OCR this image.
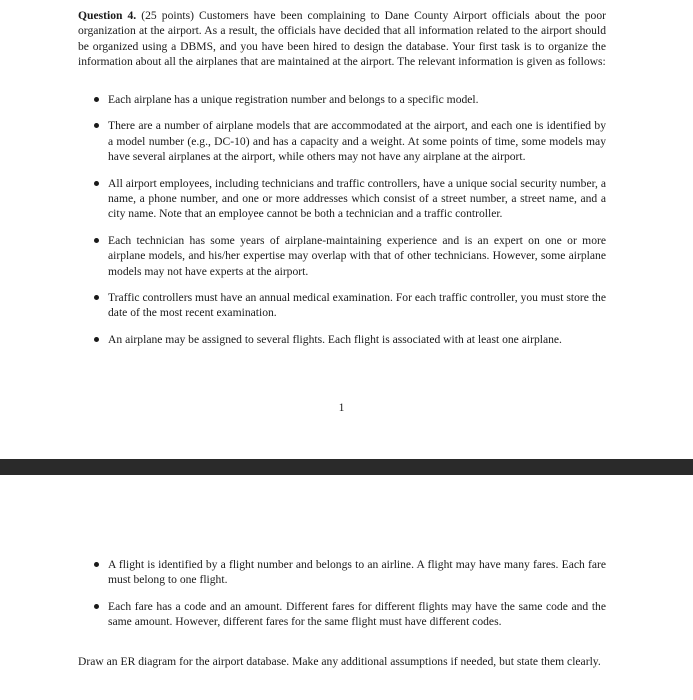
Question 4. (25 points) Customers have been complaining to Dane County Airport officials about the poor organization at the airport. As a result, the officials have decided that all information related to the airport should be organized using a DBMS, and you have been hired to design the database. Your first task is to organize the information about all the airplanes that are maintained at the airport. The relevant information is given as follows:

Each airplane has a unique registration number and belongs to a specific model.
There are a number of airplane models that are accommodated at the airport, and each one is identified by a model number (e.g., DC-10) and has a capacity and a weight. At some points of time, some models may have several airplanes at the airport, while others may not have any airplane at the airport.
All airport employees, including technicians and traffic controllers, have a unique social security number, a name, a phone number, and one or more addresses which consist of a street number, a street name, and a city name. Note that an employee cannot be both a technician and a traffic controller.
Each technician has some years of airplane-maintaining experience and is an expert on one or more airplane models, and his/her expertise may overlap with that of other technicians. However, some airplane models may not have experts at the airport.
Traffic controllers must have an annual medical examination. For each traffic controller, you must store the date of the most recent examination.
An airplane may be assigned to several flights. Each flight is associated with at least one airplane.
1
A flight is identified by a flight number and belongs to an airline. A flight may have many fares. Each fare must belong to one flight.
Each fare has a code and an amount. Different fares for different flights may have the same code and the same amount. However, different fares for the same flight must have different codes.

Draw an ER diagram for the airport database. Make any additional assumptions if needed, but state them clearly.
